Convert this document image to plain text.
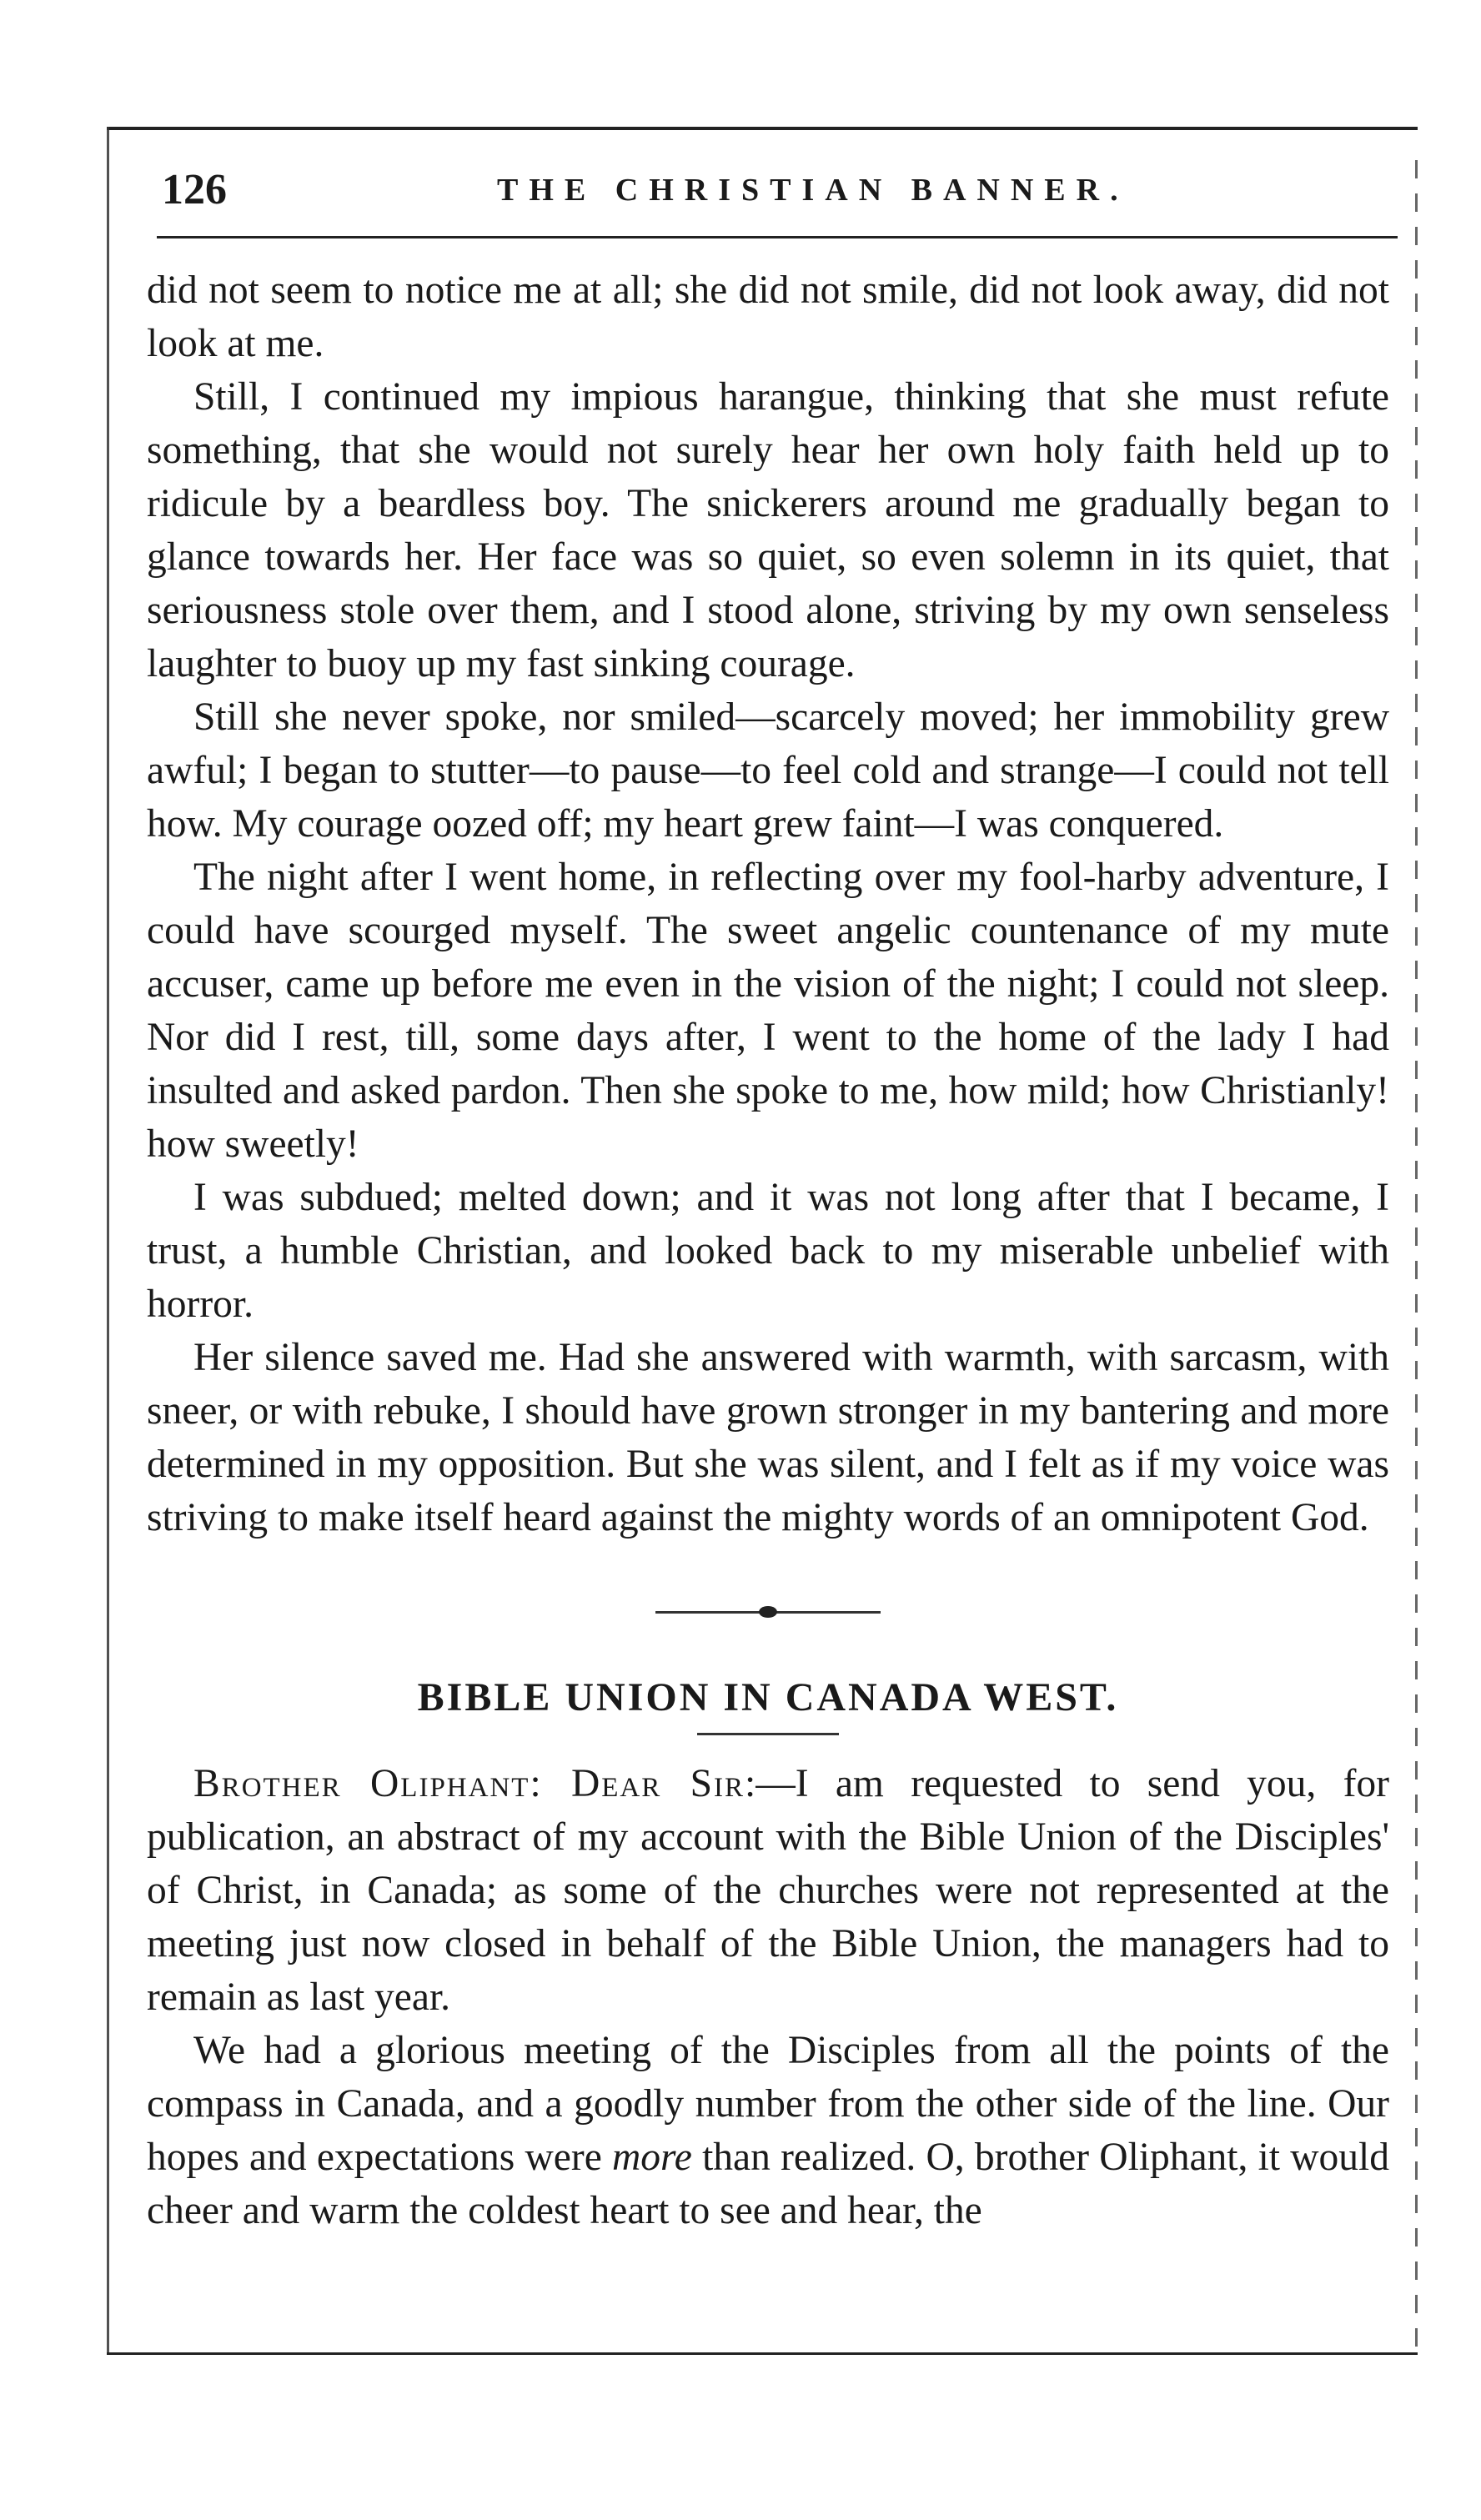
126	THE CHRISTIAN BANNER.

did not seem to notice me at all; she did not smile, did not look away, did not look at me.

Still, I continued my impious harangue, thinking that she must refute something, that she would not surely hear her own holy faith held up to ridicule by a beardless boy. The snickerers around me gradually began to glance towards her. Her face was so quiet, so even solemn in its quiet, that seriousness stole over them, and I stood alone, striving by my own senseless laughter to buoy up my fast sinking courage.

Still she never spoke, nor smiled—scarcely moved; her immobility grew awful; I began to stutter—to pause—to feel cold and strange—I could not tell how. My courage oozed off; my heart grew faint—I was conquered.

The night after I went home, in reflecting over my fool-harby adventure, I could have scourged myself. The sweet angelic countenance of my mute accuser, came up before me even in the vision of the night; I could not sleep. Nor did I rest, till, some days after, I went to the home of the lady I had insulted and asked pardon. Then she spoke to me, how mild; how Christianly! how sweetly!

I was subdued; melted down; and it was not long after that I became, I trust, a humble Christian, and looked back to my miserable unbelief with horror.

Her silence saved me. Had she answered with warmth, with sarcasm, with sneer, or with rebuke, I should have grown stronger in my bantering and more determined in my opposition. But she was silent, and I felt as if my voice was striving to make itself heard against the mighty words of an omnipotent God.

BIBLE UNION IN CANADA WEST.

Brother Oliphant: Dear Sir:—I am requested to send you, for publication, an abstract of my account with the Bible Union of the Disciples' of Christ, in Canada; as some of the churches were not represented at the meeting just now closed in behalf of the Bible Union, the managers had to remain as last year.

We had a glorious meeting of the Disciples from all the points of the compass in Canada, and a goodly number from the other side of the line. Our hopes and expectations were more than realized. O, brother Oliphant, it would cheer and warm the coldest heart to see and hear, the
